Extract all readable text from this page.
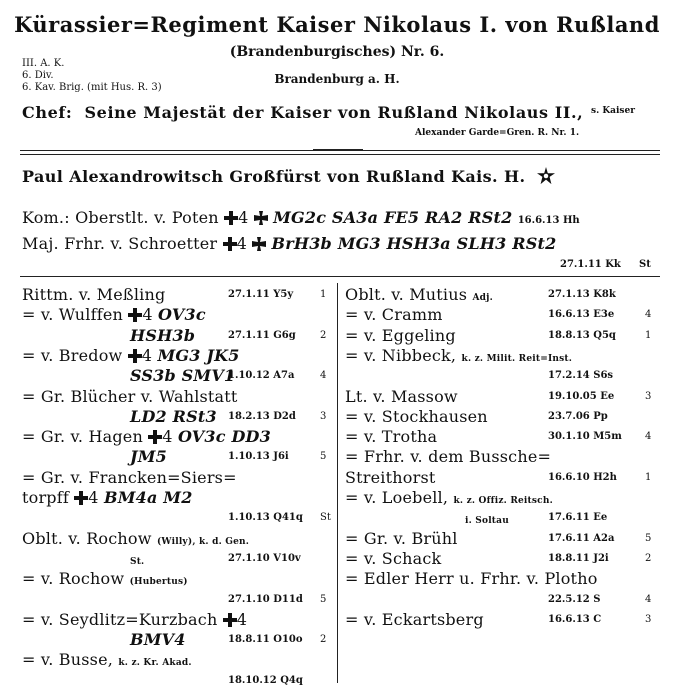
Kürassier=Regiment Kaiser Nikolaus I. von Rußland
(Brandenburgisches) Nr. 6.
Brandenburg a. H.
III. A. K.
6. Div.
6. Kav. Brig. (mit Hus. R. 3)
Chef: Seine Majestät der Kaiser von Rußland Nikolaus II., s. Kaiser
Alexander Garde=Gren. R. Nr. 1.
Paul Alexandrowitsch Großfürst von Rußland Kais. H.
Kom.: Oberstlt. v. Poten 4 MG2c SA3a FE5 RA2 RSt2 16.6.13 Hh
Maj. Frhr. v. Schroetter 4 BrH3b MG3 HSH3a SLH3 RSt2
27.1.11 Kk St
Rittm. v. Meßling	27.1.11 Y5y	1
= v. Wulffen 4 OV3c
HSH3b	27.1.11 G6g 2
= v. Bredow 4 MG3 JK5
SS3b SMV1
1.10.12 A7a	4
= Gr. Blücher v. Wahlstatt
LD2 RSt3 18.2.13 D2d 3
= Gr. v. Hagen 4 OV3c DD3
JM5	1.10.13 J6i	5
= Gr. v. Francken=Siers=
torpff 4 BM4a M2
1.10.13 Q41q St
Oblt. v. Rochow (Willy), k. d. Gen.
St.	27.1.10 V10v
= v. Rochow (Hubertus)
27.1.10 D11d 5
= v. Seydlitz=Kurzbach 4
BMV4	18.8.11 O10o 2
= v. Busse, k. z. Kr. Akad.
18.10.12 Q4q
Oblt. v. Mutius Adj.	27.1.13 K8k
= v. Cramm	16.6.13 E3e	4
= v. Eggeling	18.8.13 Q5q	1
= v. Nibbeck, k. z. Milit. Reit=Inst.
17.2.14 S6s
Lt. v. Massow	19.10.05 Ee	3
= v. Stockhausen	23.7.06 Pp
= v. Trotha	30.1.10 M5m 4
= Frhr. v. dem Bussche=
Streithorst	16.6.10 H2h	1
= v. Loebell, k. z. Offiz. Reitsch.
i. Soltau	17.6.11 Ee
= Gr. v. Brühl	17.6.11 A2a	5
= v. Schack	18.8.11 J2i	2
= Edler Herr u. Frhr. v. Plotho
22.5.12 S	4
= v. Eckartsberg	16.6.13 C	3
